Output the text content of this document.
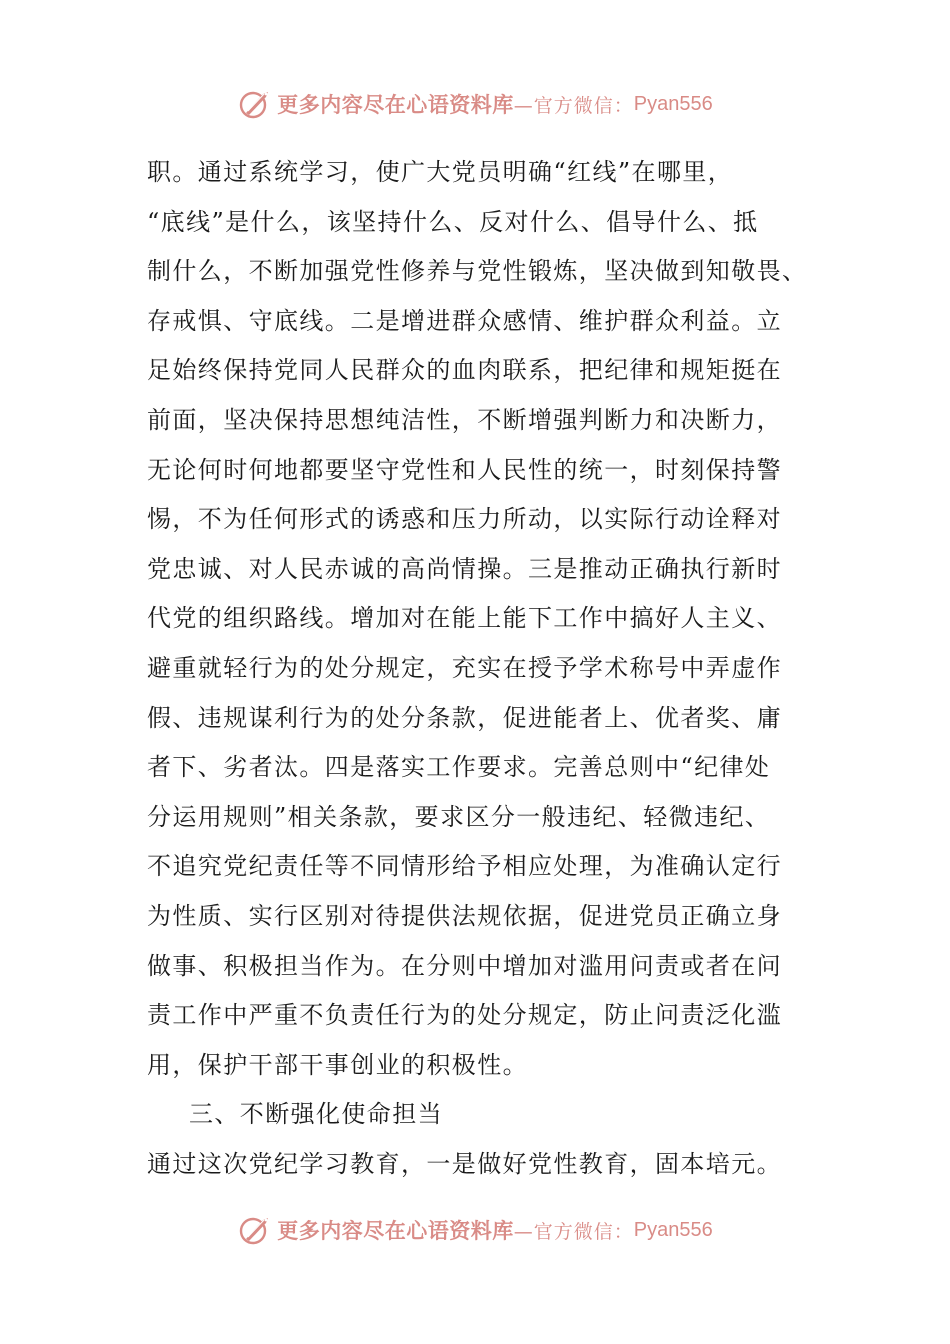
更多内容尽在心语资料库 —官方微信： Pyan556
职。通过系统学习，使广大党员明确“红线”在哪里，
“底线”是什么，该坚持什么、反对什么、倡导什么、抵
制什么，不断加强党性修养与党性锻炼，坚决做到知敬畏、
存戒惧、守底线。二是增进群众感情、维护群众利益。立
足始终保持党同人民群众的血肉联系，把纪律和规矩挺在
前面，坚决保持思想纯洁性，不断增强判断力和决断力，
无论何时何地都要坚守党性和人民性的统一，时刻保持警
惕，不为任何形式的诱惑和压力所动，以实际行动诠释对
党忠诚、对人民赤诚的高尚情操。三是推动正确执行新时
代党的组织路线。增加对在能上能下工作中搞好人主义、
避重就轻行为的处分规定，充实在授予学术称号中弄虚作
假、违规谋利行为的处分条款，促进能者上、优者奖、庸
者下、劣者汰。四是落实工作要求。完善总则中“纪律处
分运用规则”相关条款，要求区分一般违纪、轻微违纪、
不追究党纪责任等不同情形给予相应处理，为准确认定行
为性质、实行区别对待提供法规依据，促进党员正确立身
做事、积极担当作为。在分则中增加对滥用问责或者在问
责工作中严重不负责任行为的处分规定，防止问责泛化滥
用，保护干部干事创业的积极性。
三、不断强化使命担当
通过这次党纪学习教育，一是做好党性教育，固本培元。
更多内容尽在心语资料库 —官方微信： Pyan556
